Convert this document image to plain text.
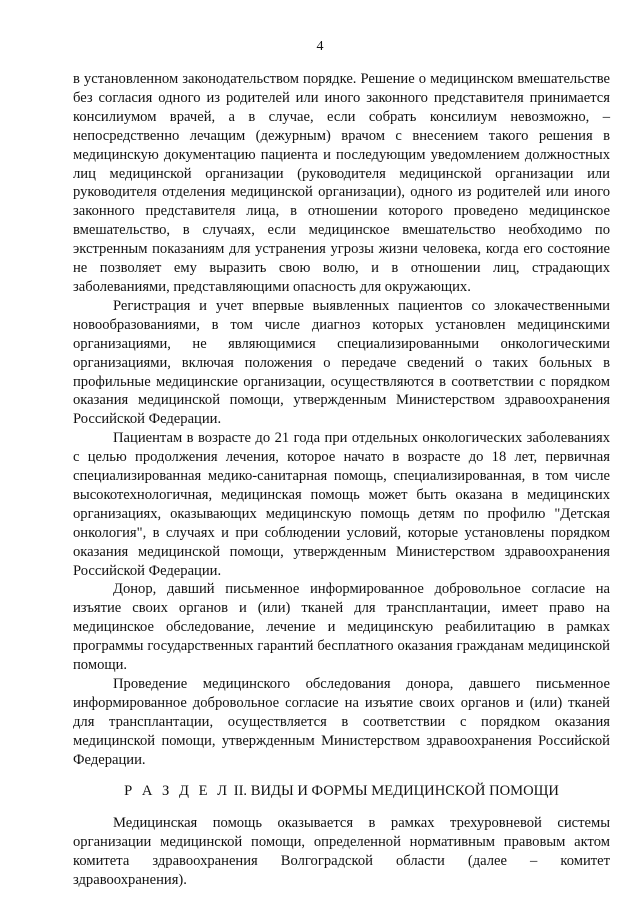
4

в установленном законодательством порядке. Решение о медицинском вмешательстве без согласия одного из родителей или иного законного представителя принимается консилиумом врачей, а в случае, если собрать консилиум невозможно, – непосредственно лечащим (дежурным) врачом с внесением такого решения в медицинскую документацию пациента и последующим уведомлением должностных лиц медицинской организации (руководителя медицинской организации или руководителя отделения медицинской организации), одного из родителей или иного законного представителя лица, в отношении которого проведено медицинское вмешательство, в случаях, если медицинское вмешательство необходимо по экстренным показаниям для устранения угрозы жизни человека, когда его состояние не позволяет ему выразить свою волю, и в отношении лиц, страдающих заболеваниями, представляющими опасность для окружающих.

Регистрация и учет впервые выявленных пациентов со злокачественными новообразованиями, в том числе диагноз которых установлен медицинскими организациями, не являющимися специализированными онкологическими организациями, включая положения о передаче сведений о таких больных в профильные медицинские организации, осуществляются в соответствии с порядком оказания медицинской помощи, утвержденным Министерством здравоохранения Российской Федерации.

Пациентам в возрасте до 21 года при отдельных онкологических заболеваниях с целью продолжения лечения, которое начато в возрасте до 18 лет, первичная специализированная медико-санитарная помощь, специализированная, в том числе высокотехнологичная, медицинская помощь может быть оказана в медицинских организациях, оказывающих медицинскую помощь детям по профилю "Детская онкология", в случаях и при соблюдении условий, которые установлены порядком оказания медицинской помощи, утвержденным Министерством здравоохранения Российской Федерации.

Донор, давший письменное информированное добровольное согласие на изъятие своих органов и (или) тканей для трансплантации, имеет право на медицинское обследование, лечение и медицинскую реабилитацию в рамках программы государственных гарантий бесплатного оказания гражданам медицинской помощи.

Проведение медицинского обследования донора, давшего письменное информированное добровольное согласие на изъятие своих органов и (или) тканей для трансплантации, осуществляется в соответствии с порядком оказания медицинской помощи, утвержденным Министерством здравоохранения Российской Федерации.

Р А З Д Е Л II. ВИДЫ И ФОРМЫ МЕДИЦИНСКОЙ ПОМОЩИ

Медицинская помощь оказывается в рамках трехуровневой системы организации медицинской помощи, определенной нормативным правовым актом комитета здравоохранения Волгоградской области (далее – комитет здравоохранения).
